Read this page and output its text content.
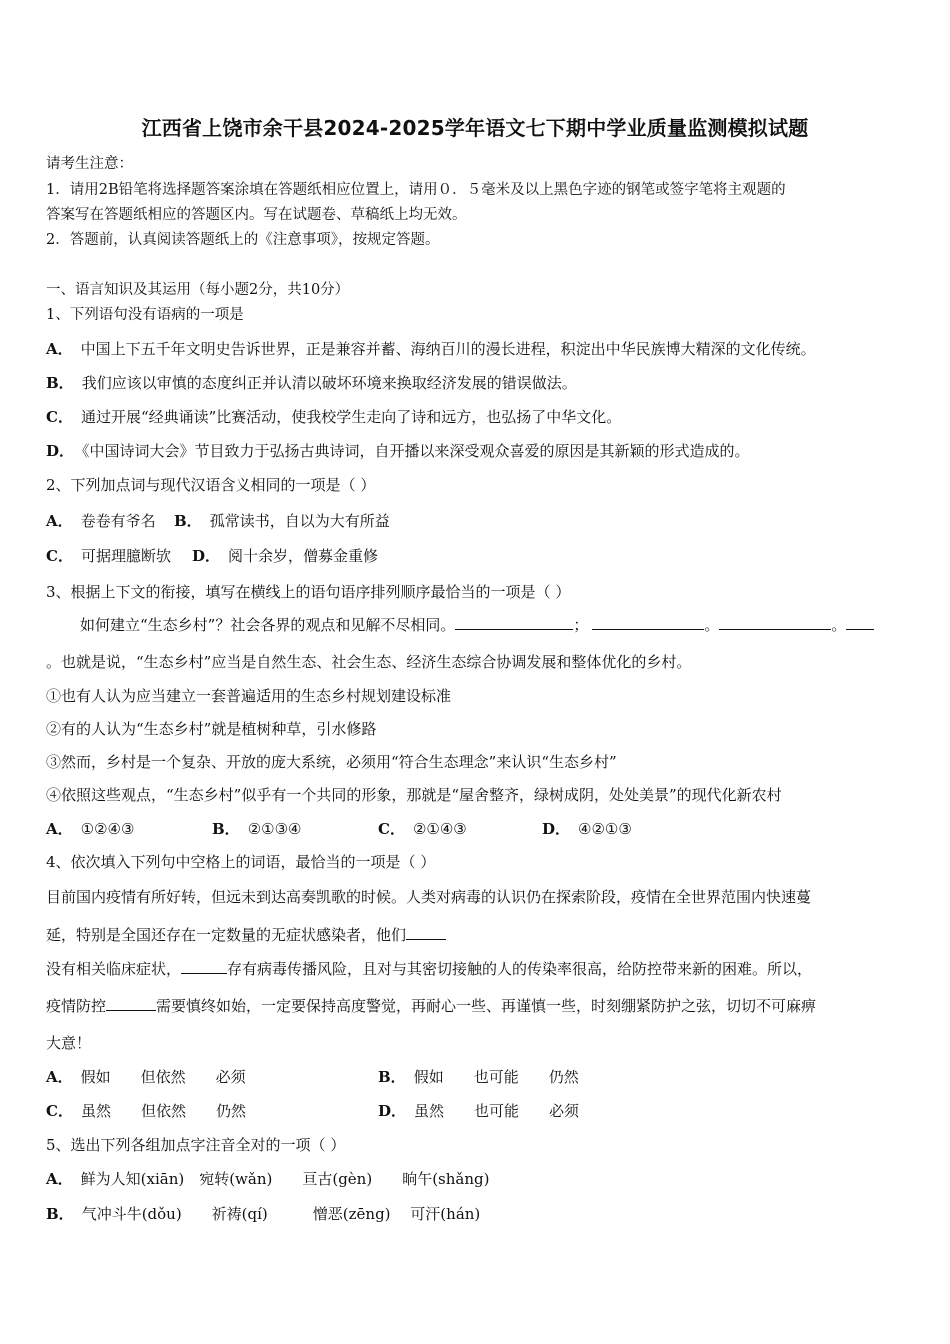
江西省上饶市余干县2024-2025学年语文七下期中学业质量监测模拟试题
请考生注意：
1．请用2B铅笔将选择题答案涂填在答题纸相应位置上，请用０．５毫米及以上黑色字迹的钢笔或签字笔将主观题的
答案写在答题纸相应的答题区内。写在试题卷、草稿纸上均无效。
2．答题前，认真阅读答题纸上的《注意事项》，按规定答题。
一、语言知识及其运用（每小题2分，共10分）
1、下列语句没有语病的一项是
A． 中国上下五千年文明史告诉世界，正是兼容并蓄、海纳百川的漫长进程，积淀出中华民族博大精深的文化传统。
B． 我们应该以审慎的态度纠正并认清以破坏环境来换取经济发展的错误做法。
C． 通过开展“经典诵读”比赛活动，使我校学生走向了诗和远方，也弘扬了中华文化。
D． 《中国诗词大会》节目致力于弘扬古典诗词，自开播以来深受观众喜爱的原因是其新颖的形式造成的。
2、下列加点词与现代汉语含义相同的一项是（ ）
A． 卷卷有爷名 B． 孤常读书，自以为大有所益
C． 可据理臆断欤 D． 阅十余岁，僧募金重修
3、根据上下文的衔接，填写在横线上的语句语序排列顺序最恰当的一项是（ ）
如何建立“生态乡村”？社会各界的观点和见解不尽相同。	；	。	。
。也就是说，“生态乡村”应当是自然生态、社会生态、经济生态综合协调发展和整体优化的乡村。
①也有人认为应当建立一套普遍适用的生态乡村规划建设标准
②有的人认为“生态乡村”就是植树种草，引水修路
③然而，乡村是一个复杂、开放的庞大系统，必须用“符合生态理念”来认识“生态乡村”
④依照这些观点，“生态乡村”似乎有一个共同的形象，那就是“屋舍整齐，绿树成阴，处处美景”的现代化新农村
A． ①②④③	B． ②①③④	C． ②①④③	D． ④②①③
4、依次填入下列句中空格上的词语，最恰当的一项是（ ）
目前国内疫情有所好转，但远未到达高奏凯歌的时候。人类对病毒的认识仍在探索阶段，疫情在全世界范围内快速蔓
延，特别是全国还存在一定数量的无症状感染者，他们
没有相关临床症状，	存有病毒传播风险，且对与其密切接触的人的传染率很高，给防控带来新的困难。所以，
疫情防控	需要慎终如始，一定要保持高度警觉，再耐心一些、再谨慎一些，时刻绷紧防护之弦，切切不可麻痹
大意！
A． 假如　　但依然　　必须	B． 假如　　也可能　　仍然
C． 虽然　　但依然　　仍然	D． 虽然　　也可能　　必须
5、选出下列各组加点字注音全对的一项（ ）
A． 鲜为人知(xiān)　宛转(wǎn)　　亘古(gèn)　　晌午(shǎng)
B． 气冲斗牛(dǒu)　　祈祷(qí)　　　憎恶(zēng)　 可汗(hán)
